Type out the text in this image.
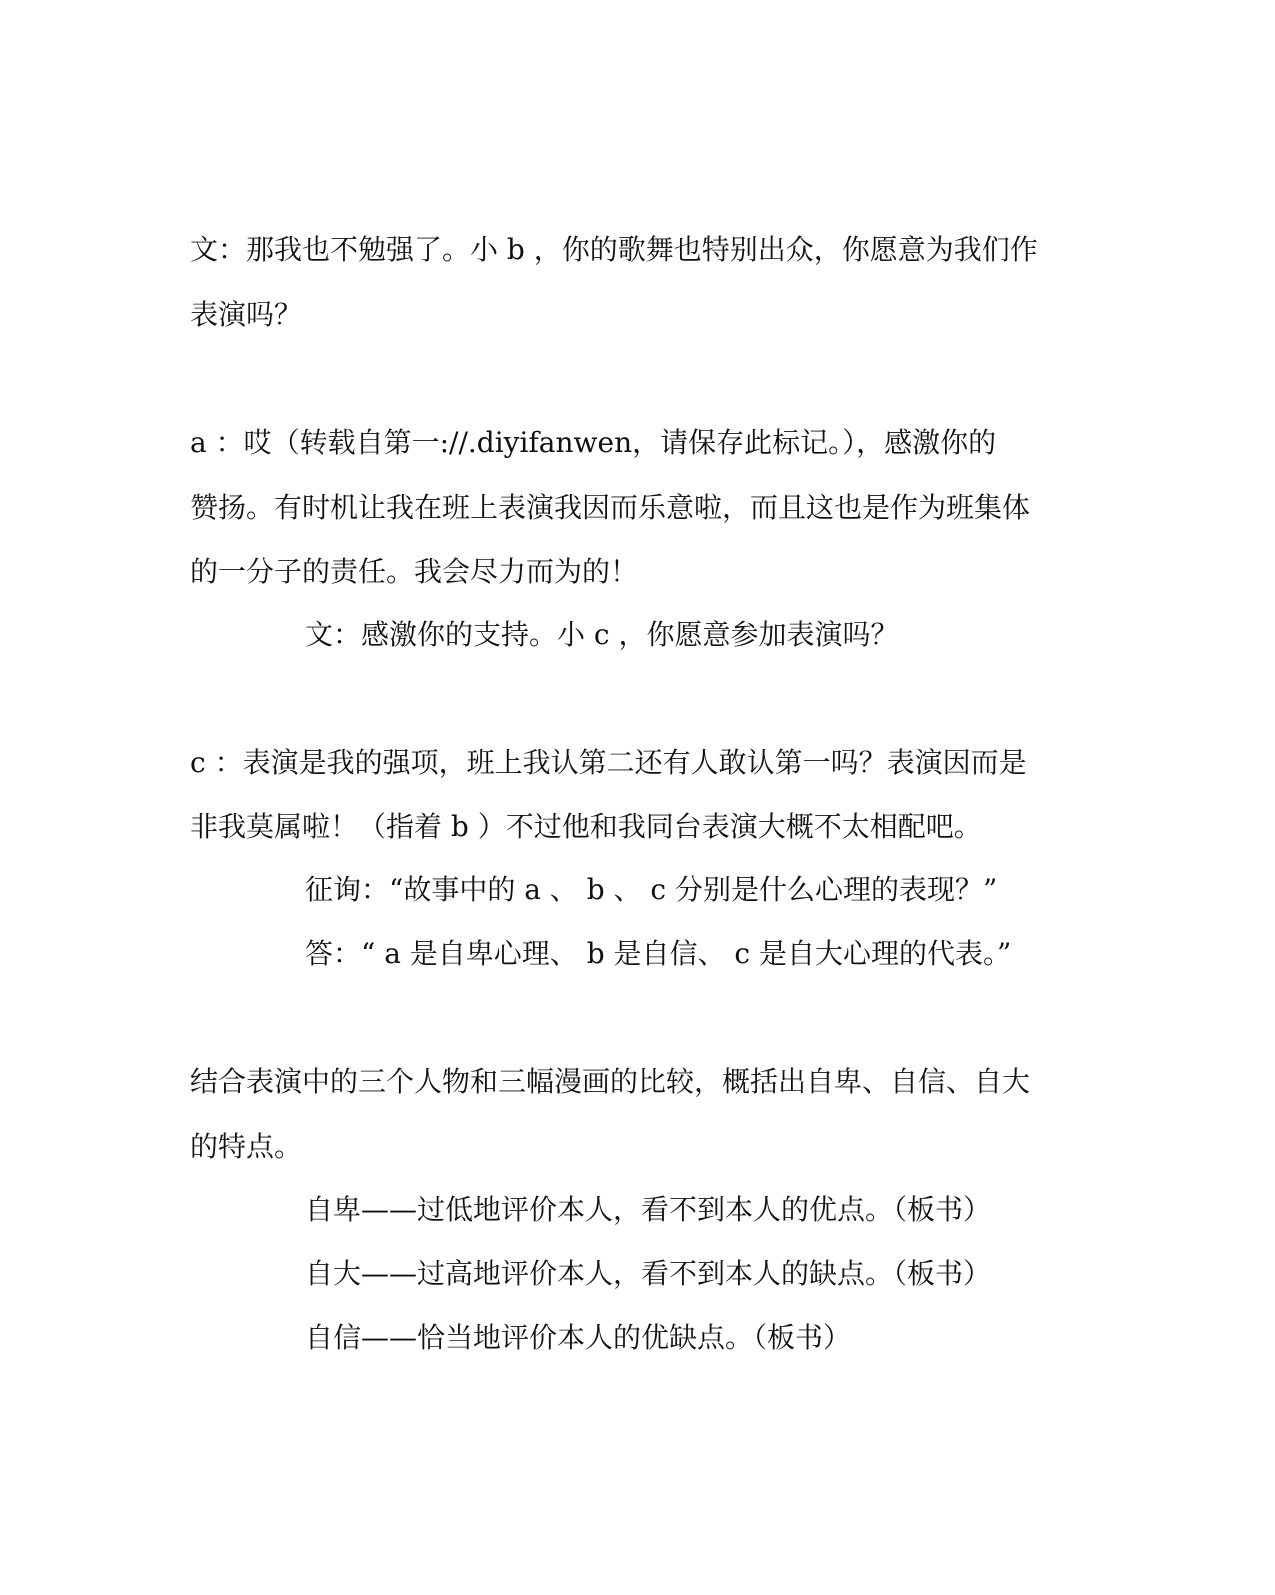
文：那我也不勉强了。小 b ，你的歌舞也特别出众，你愿意为我们作
表演吗？
a ：哎（转载自第一://.diyifanwen，请保存此标记。），感激你的
赞扬。有时机让我在班上表演我因而乐意啦，而且这也是作为班集体
的一分子的责任。我会尽力而为的！
文：感激你的支持。小 c ，你愿意参加表演吗？
c ：表演是我的强项，班上我认第二还有人敢认第一吗？表演因而是
非我莫属啦！（指着 b ）不过他和我同台表演大概不太相配吧。
征询：“故事中的 a 、 b 、 c 分别是什么心理的表现？”
答：“ a 是自卑心理、 b 是自信、 c 是自大心理的代表。”
结合表演中的三个人物和三幅漫画的比较，概括出自卑、自信、自大
的特点。
自卑——过低地评价本人，看不到本人的优点。（板书）
自大——过高地评价本人，看不到本人的缺点。（板书）
自信——恰当地评价本人的优缺点。（板书）
